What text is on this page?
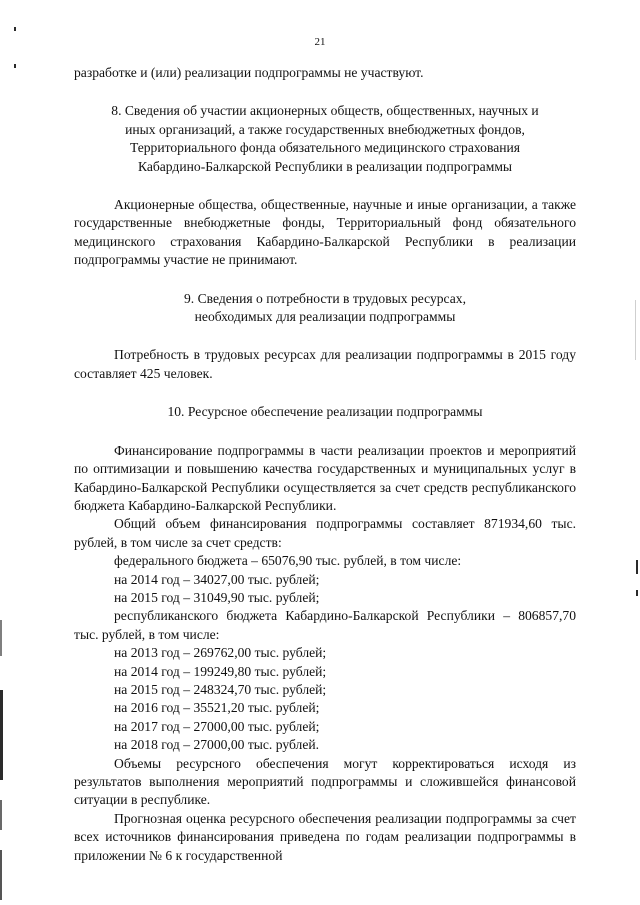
21

разработке и (или) реализации подпрограммы не участвуют.

8. Сведения об участии акционерных обществ, общественных, научных и

иных организаций, а также государственных внебюджетных фондов,

Территориального фонда обязательного медицинского страхования

Кабардино-Балкарской Республики в реализации подпрограммы

Акционерные общества, общественные, научные и иные организации, а также государственные внебюджетные фонды, Территориальный фонд обязательного медицинского страхования Кабардино-Балкарской Республики в реализации подпрограммы участие не принимают.

9. Сведения о потребности в трудовых ресурсах,

необходимых для реализации подпрограммы

Потребность в трудовых ресурсах для реализации подпрограммы в 2015 году составляет 425 человек.

10. Ресурсное обеспечение реализации подпрограммы

Финансирование подпрограммы в части реализации проектов и мероприятий по оптимизации и повышению качества государственных и муниципальных услуг в Кабардино-Балкарской Республики осуществляется за счет средств республиканского бюджета Кабардино-Балкарской Республики.

Общий объем финансирования подпрограммы составляет 871934,60 тыс. рублей, в том числе за счет средств:

федерального бюджета – 65076,90 тыс. рублей, в том числе:

на 2014 год – 34027,00 тыс. рублей;

на 2015 год – 31049,90 тыс. рублей;

республиканского бюджета Кабардино-Балкарской Республики – 806857,70 тыс. рублей, в том числе:

на 2013 год – 269762,00 тыс. рублей;

на 2014 год – 199249,80 тыс. рублей;

на 2015 год – 248324,70 тыс. рублей;

на 2016 год – 35521,20 тыс. рублей;

на 2017 год – 27000,00 тыс. рублей;

на 2018 год – 27000,00 тыс. рублей.

Объемы ресурсного обеспечения могут корректироваться исходя из результатов выполнения мероприятий подпрограммы и сложившейся финансовой ситуации в республике.

Прогнозная оценка ресурсного обеспечения реализации подпрограммы за счет всех источников финансирования приведена по годам реализации подпрограммы в приложении № 6 к государственной
